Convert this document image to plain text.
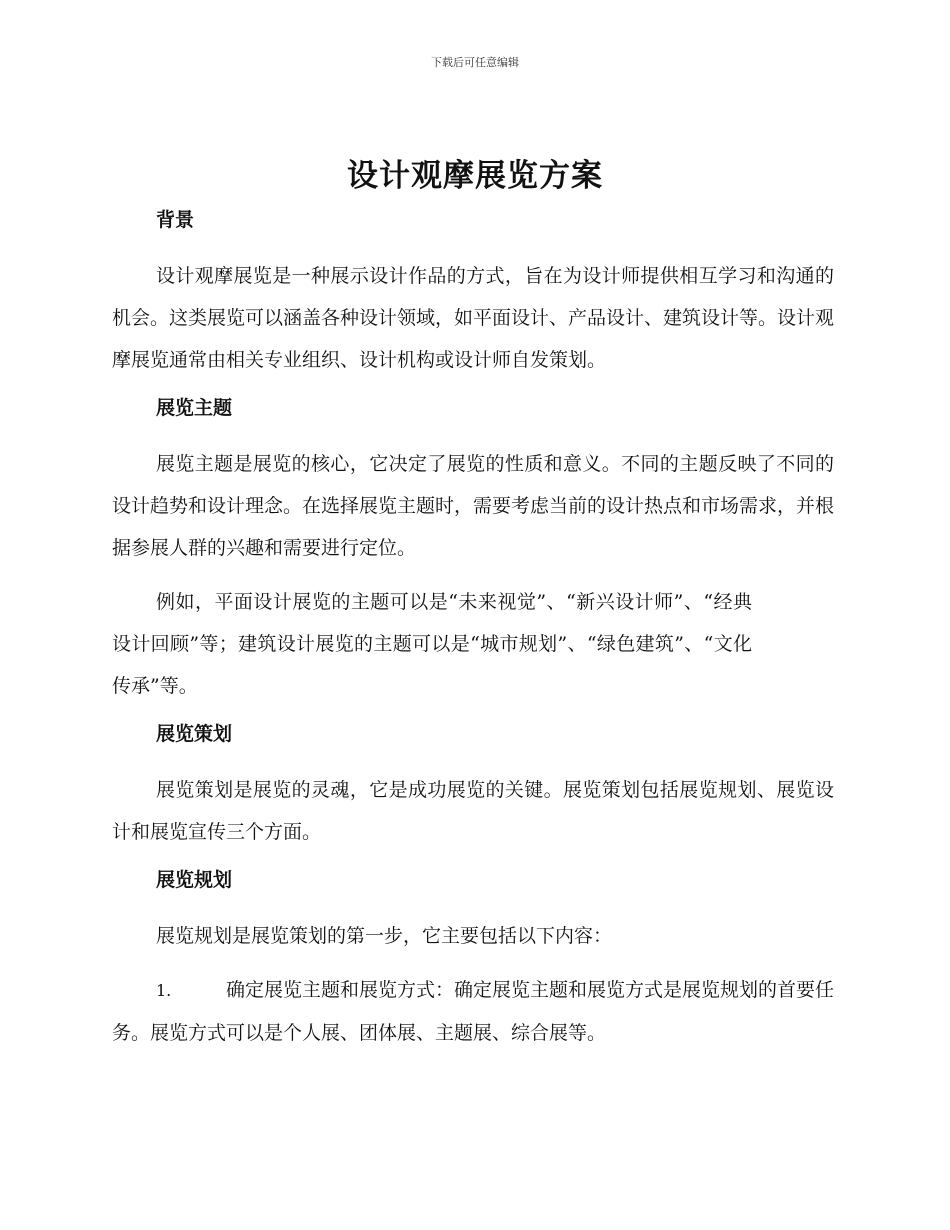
下载后可任意编辑
设计观摩展览方案
背景

设计观摩展览是一种展示设计作品的方式，旨在为设计师提供相互学习和沟通的机会。这类展览可以涵盖各种设计领域，如平面设计、产品设计、建筑设计等。设计观摩展览通常由相关专业组织、设计机构或设计师自发策划。

展览主题

展览主题是展览的核心，它决定了展览的性质和意义。不同的主题反映了不同的设计趋势和设计理念。在选择展览主题时，需要考虑当前的设计热点和市场需求，并根据参展人群的兴趣和需要进行定位。

例如，平面设计展览的主题可以是“未来视觉”、“新兴设计师”、“经典设计回顾”等；建筑设计展览的主题可以是“城市规划”、“绿色建筑”、“文化传承”等。

展览策划

展览策划是展览的灵魂，它是成功展览的关键。展览策划包括展览规划、展览设计和展览宣传三个方面。

展览规划

展览规划是展览策划的第一步，它主要包括以下内容：

1.	确定展览主题和展览方式：确定展览主题和展览方式是展览规划的首要任务。展览方式可以是个人展、团体展、主题展、综合展等。
